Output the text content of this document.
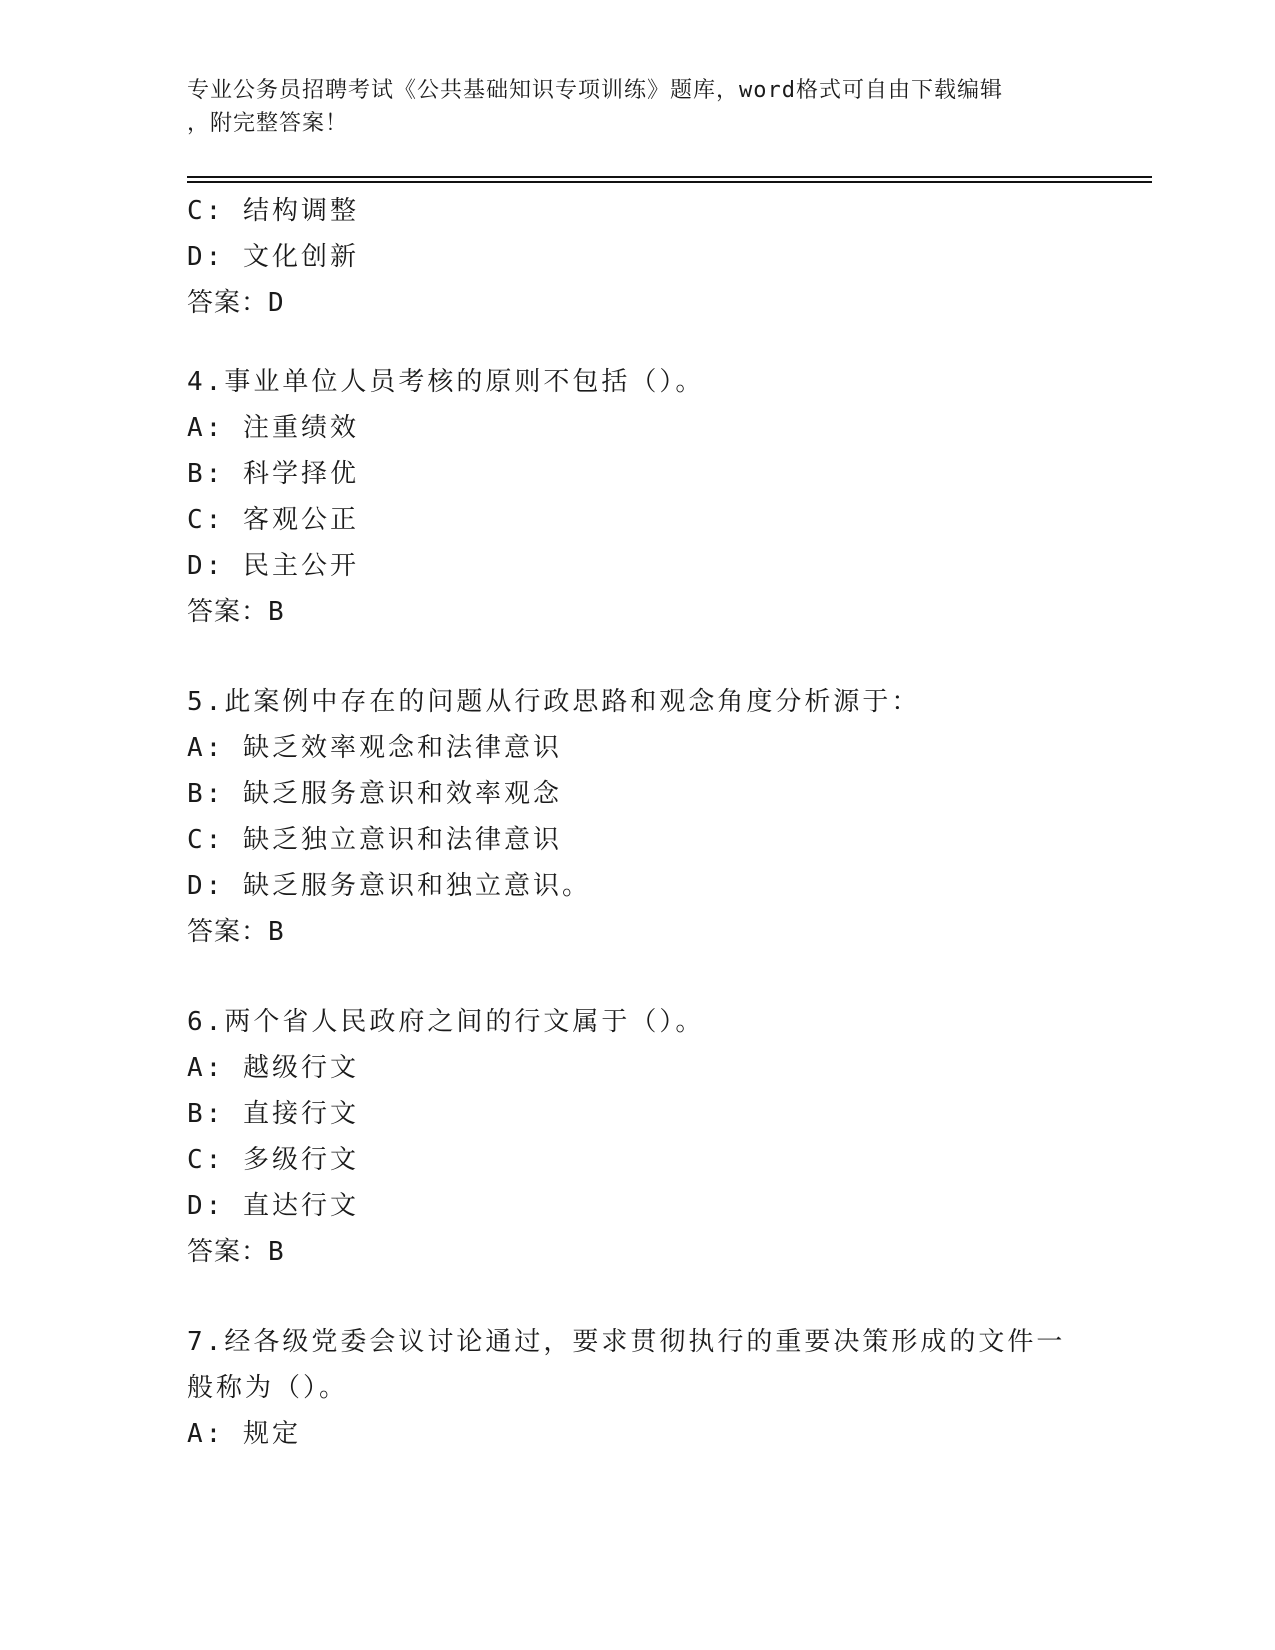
专业公务员招聘考试《公共基础知识专项训练》题库，word格式可自由下载编辑
，附完整答案！
C: 结构调整
D: 文化创新
答案：D
4.事业单位人员考核的原则不包括（）。
A: 注重绩效
B: 科学择优
C: 客观公正
D: 民主公开
答案：B
5.此案例中存在的问题从行政思路和观念角度分析源于：
A: 缺乏效率观念和法律意识
B: 缺乏服务意识和效率观念
C: 缺乏独立意识和法律意识
D: 缺乏服务意识和独立意识。
答案：B
6.两个省人民政府之间的行文属于（）。
A: 越级行文
B: 直接行文
C: 多级行文
D: 直达行文
答案：B
7.经各级党委会议讨论通过，要求贯彻执行的重要决策形成的文件一
般称为（）。
A: 规定
